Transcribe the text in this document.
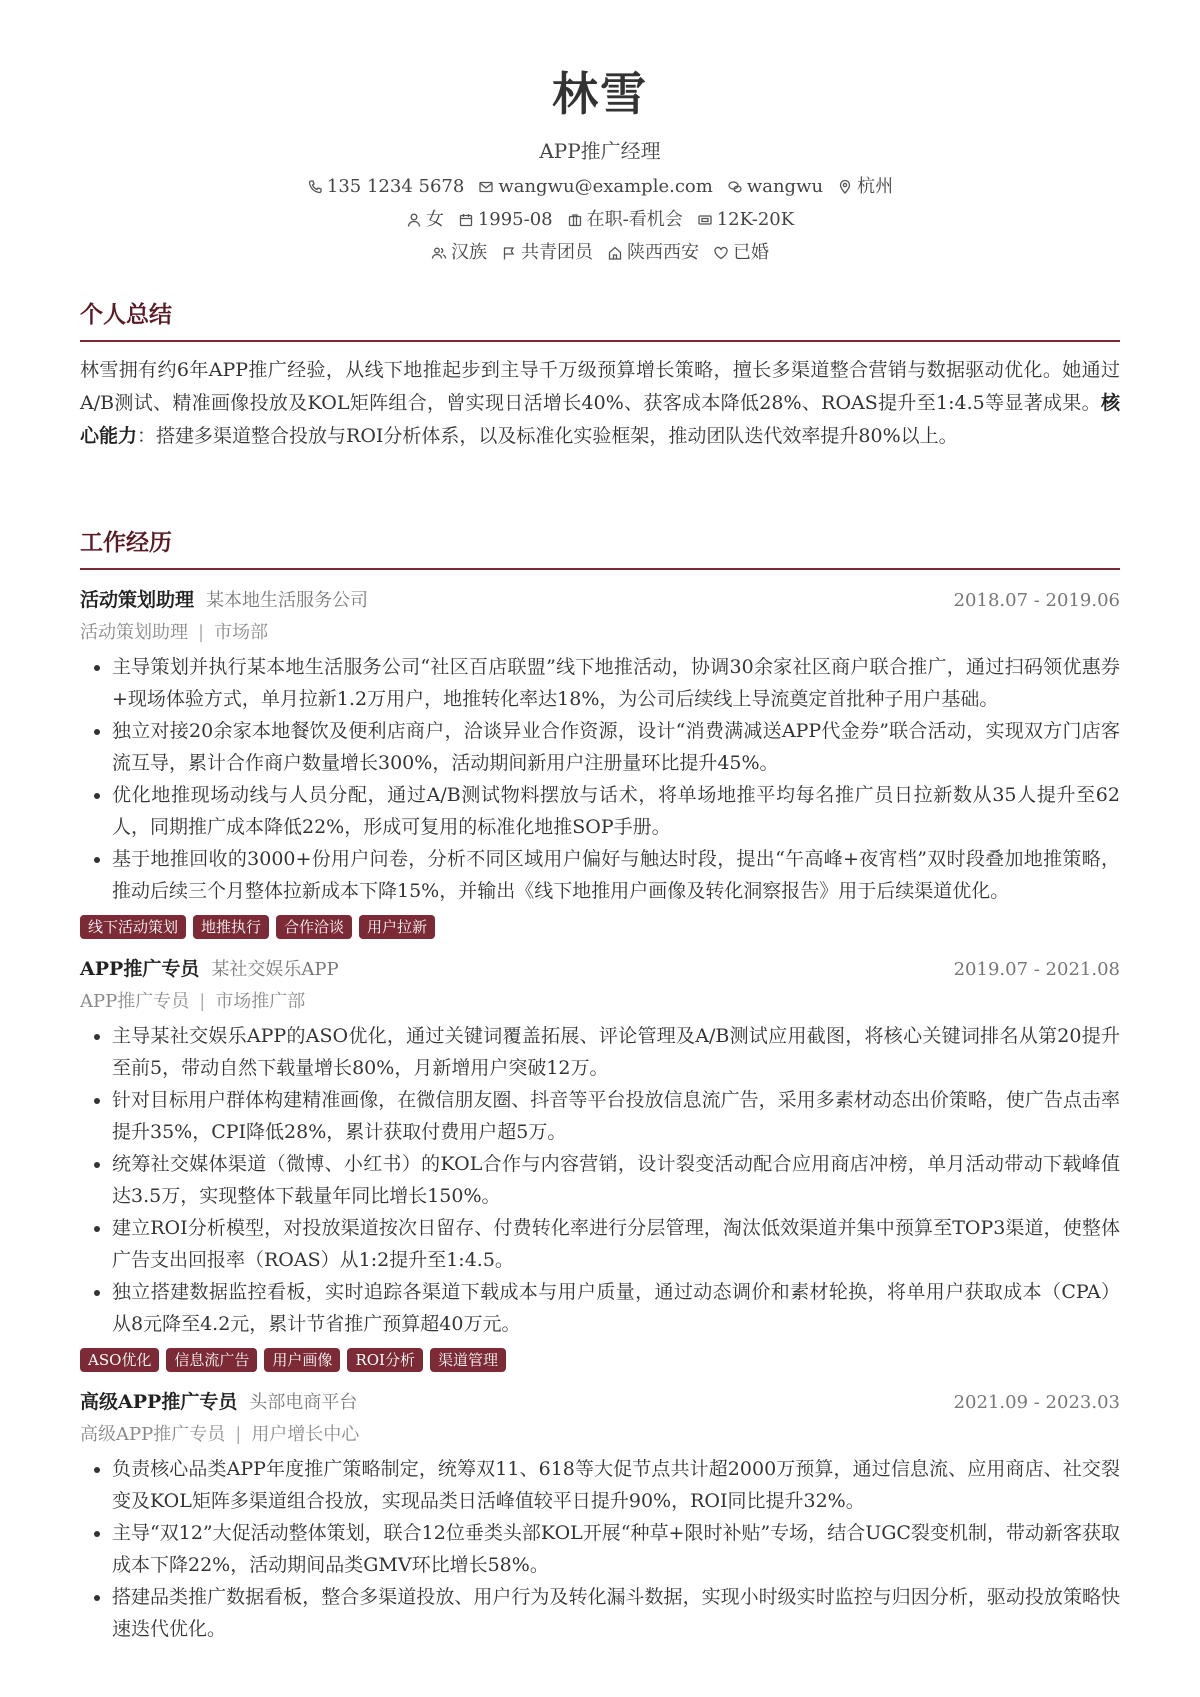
林雪
APP推广经理
135 1234 5678 wangwu@example.com wangwu 杭州
女 1995-08 在职-看机会 12K-20K
汉族 共青团员 陕西西安 已婚
个人总结
林雪拥有约6年APP推广经验，从线下地推起步到主导千万级预算增长策略，擅长多渠道整合营销与数据驱动优化。她通过A/B测试、精准画像投放及KOL矩阵组合，曾实现日活增长40%、获客成本降低28%、ROAS提升至1:4.5等显著成果。核心能力：搭建多渠道整合投放与ROI分析体系，以及标准化实验框架，推动团队迭代效率提升80%以上。
工作经历
活动策划助理 某本地生活服务公司	2018.07 - 2019.06
活动策划助理 | 市场部
• 主导策划并执行某本地生活服务公司“社区百店联盟”线下地推活动，协调30余家社区商户联合推广，通过扫码领优惠券+现场体验方式，单月拉新1.2万用户，地推转化率达18%，为公司后续线上导流奠定首批种子用户基础。
• 独立对接20余家本地餐饮及便利店商户，洽谈异业合作资源，设计“消费满减送APP代金券”联合活动，实现双方门店客流互导，累计合作商户数量增长300%，活动期间新用户注册量环比提升45%。
• 优化地推现场动线与人员分配，通过A/B测试物料摆放与话术，将单场地推平均每名推广员日拉新数从35人提升至62人，同期推广成本降低22%，形成可复用的标准化地推SOP手册。
• 基于地推回收的3000+份用户问卷，分析不同区域用户偏好与触达时段，提出“午高峰+夜宵档”双时段叠加地推策略，推动后续三个月整体拉新成本下降15%，并输出《线下地推用户画像及转化洞察报告》用于后续渠道优化。
线下活动策划	地推执行	合作洽谈	用户拉新
APP推广专员 某社交娱乐APP	2019.07 - 2021.08
APP推广专员 | 市场推广部
• 主导某社交娱乐APP的ASO优化，通过关键词覆盖拓展、评论管理及A/B测试应用截图，将核心关键词排名从第20提升至前5，带动自然下载量增长80%，月新增用户突破12万。
• 针对目标用户群体构建精准画像，在微信朋友圈、抖音等平台投放信息流广告，采用多素材动态出价策略，使广告点击率提升35%，CPI降低28%，累计获取付费用户超5万。
• 统筹社交媒体渠道（微博、小红书）的KOL合作与内容营销，设计裂变活动配合应用商店冲榜，单月活动带动下载峰值达3.5万，实现整体下载量年同比增长150%。
• 建立ROI分析模型，对投放渠道按次日留存、付费转化率进行分层管理，淘汰低效渠道并集中预算至TOP3渠道，使整体广告支出回报率（ROAS）从1:2提升至1:4.5。
• 独立搭建数据监控看板，实时追踪各渠道下载成本与用户质量，通过动态调价和素材轮换，将单用户获取成本（CPA）从8元降至4.2元，累计节省推广预算超40万元。
ASO优化	信息流广告	用户画像	ROI分析	渠道管理
高级APP推广专员 头部电商平台	2021.09 - 2023.03
高级APP推广专员 | 用户增长中心
• 负责核心品类APP年度推广策略制定，统筹双11、618等大促节点共计超2000万预算，通过信息流、应用商店、社交裂变及KOL矩阵多渠道组合投放，实现品类日活峰值较平日提升90%，ROI同比提升32%。
• 主导“双12”大促活动整体策划，联合12位垂类头部KOL开展“种草+限时补贴”专场，结合UGC裂变机制，带动新客获取成本下降22%，活动期间品类GMV环比增长58%。
• 搭建品类推广数据看板，整合多渠道投放、用户行为及转化漏斗数据，实现小时级实时监控与归因分析，驱动投放策略快速迭代优化。
